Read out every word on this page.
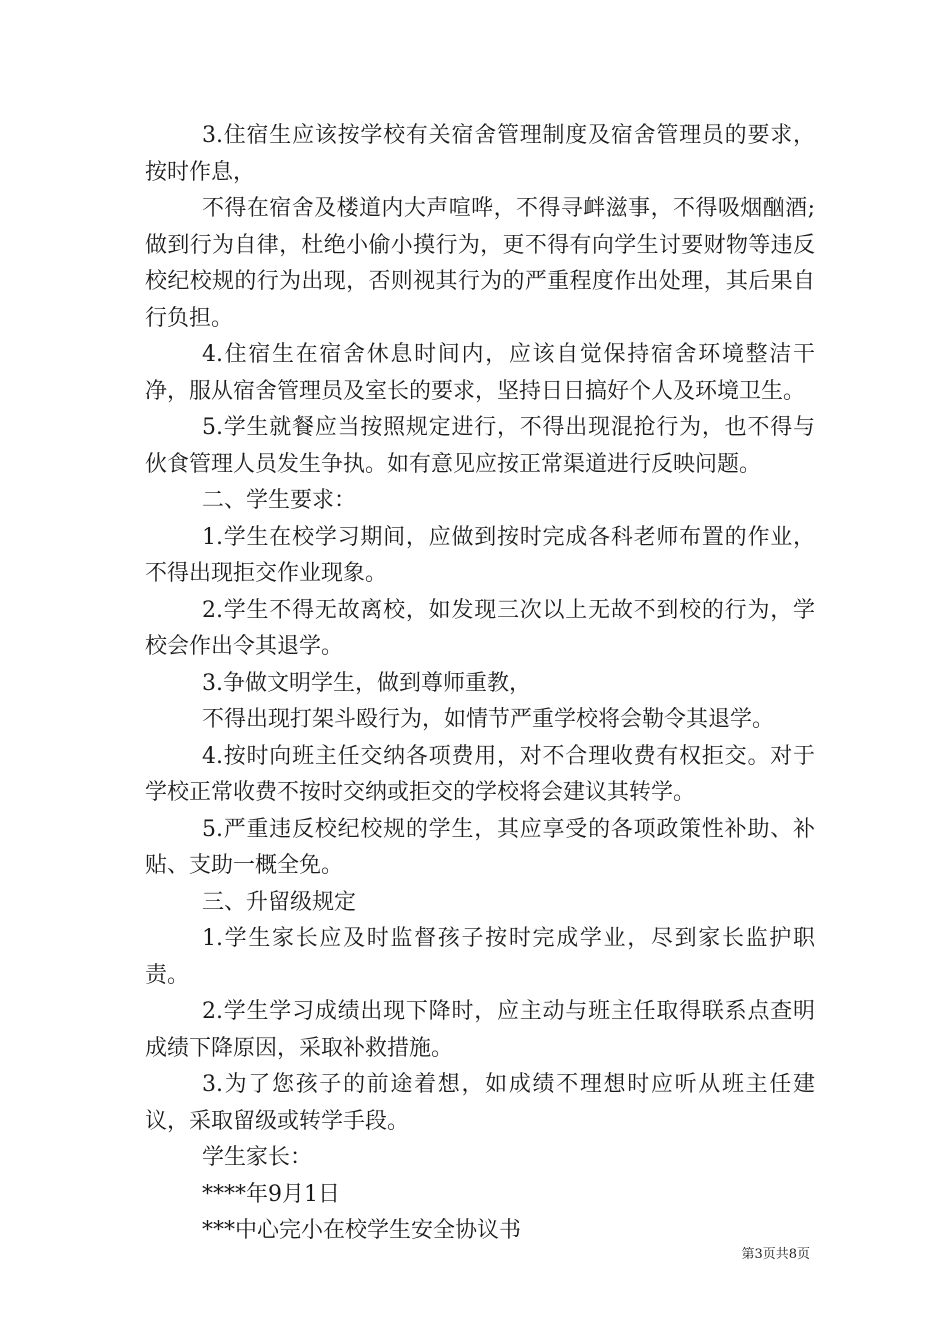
3.住宿生应该按学校有关宿舍管理制度及宿舍管理员的要求，按时作息，

不得在宿舍及楼道内大声喧哗，不得寻衅滋事，不得吸烟酗酒;做到行为自律，杜绝小偷小摸行为，更不得有向学生讨要财物等违反校纪校规的行为出现，否则视其行为的严重程度作出处理，其后果自行负担。

4.住宿生在宿舍休息时间内，应该自觉保持宿舍环境整洁干净，服从宿舍管理员及室长的要求，坚持日日搞好个人及环境卫生。

5.学生就餐应当按照规定进行，不得出现混抢行为，也不得与伙食管理人员发生争执。如有意见应按正常渠道进行反映问题。

二、学生要求：

1.学生在校学习期间，应做到按时完成各科老师布置的作业，不得出现拒交作业现象。

2.学生不得无故离校，如发现三次以上无故不到校的行为，学校会作出令其退学。

3.争做文明学生，做到尊师重教，

不得出现打架斗殴行为，如情节严重学校将会勒令其退学。

4.按时向班主任交纳各项费用，对不合理收费有权拒交。对于学校正常收费不按时交纳或拒交的学校将会建议其转学。

5.严重违反校纪校规的学生，其应享受的各项政策性补助、补贴、支助一概全免。

三、升留级规定

1.学生家长应及时监督孩子按时完成学业，尽到家长监护职责。

2.学生学习成绩出现下降时，应主动与班主任取得联系点查明成绩下降原因，采取补救措施。

3.为了您孩子的前途着想，如成绩不理想时应听从班主任建议，采取留级或转学手段。

学生家长：

****年9月1日

***中心完小在校学生安全协议书

第3页共8页
